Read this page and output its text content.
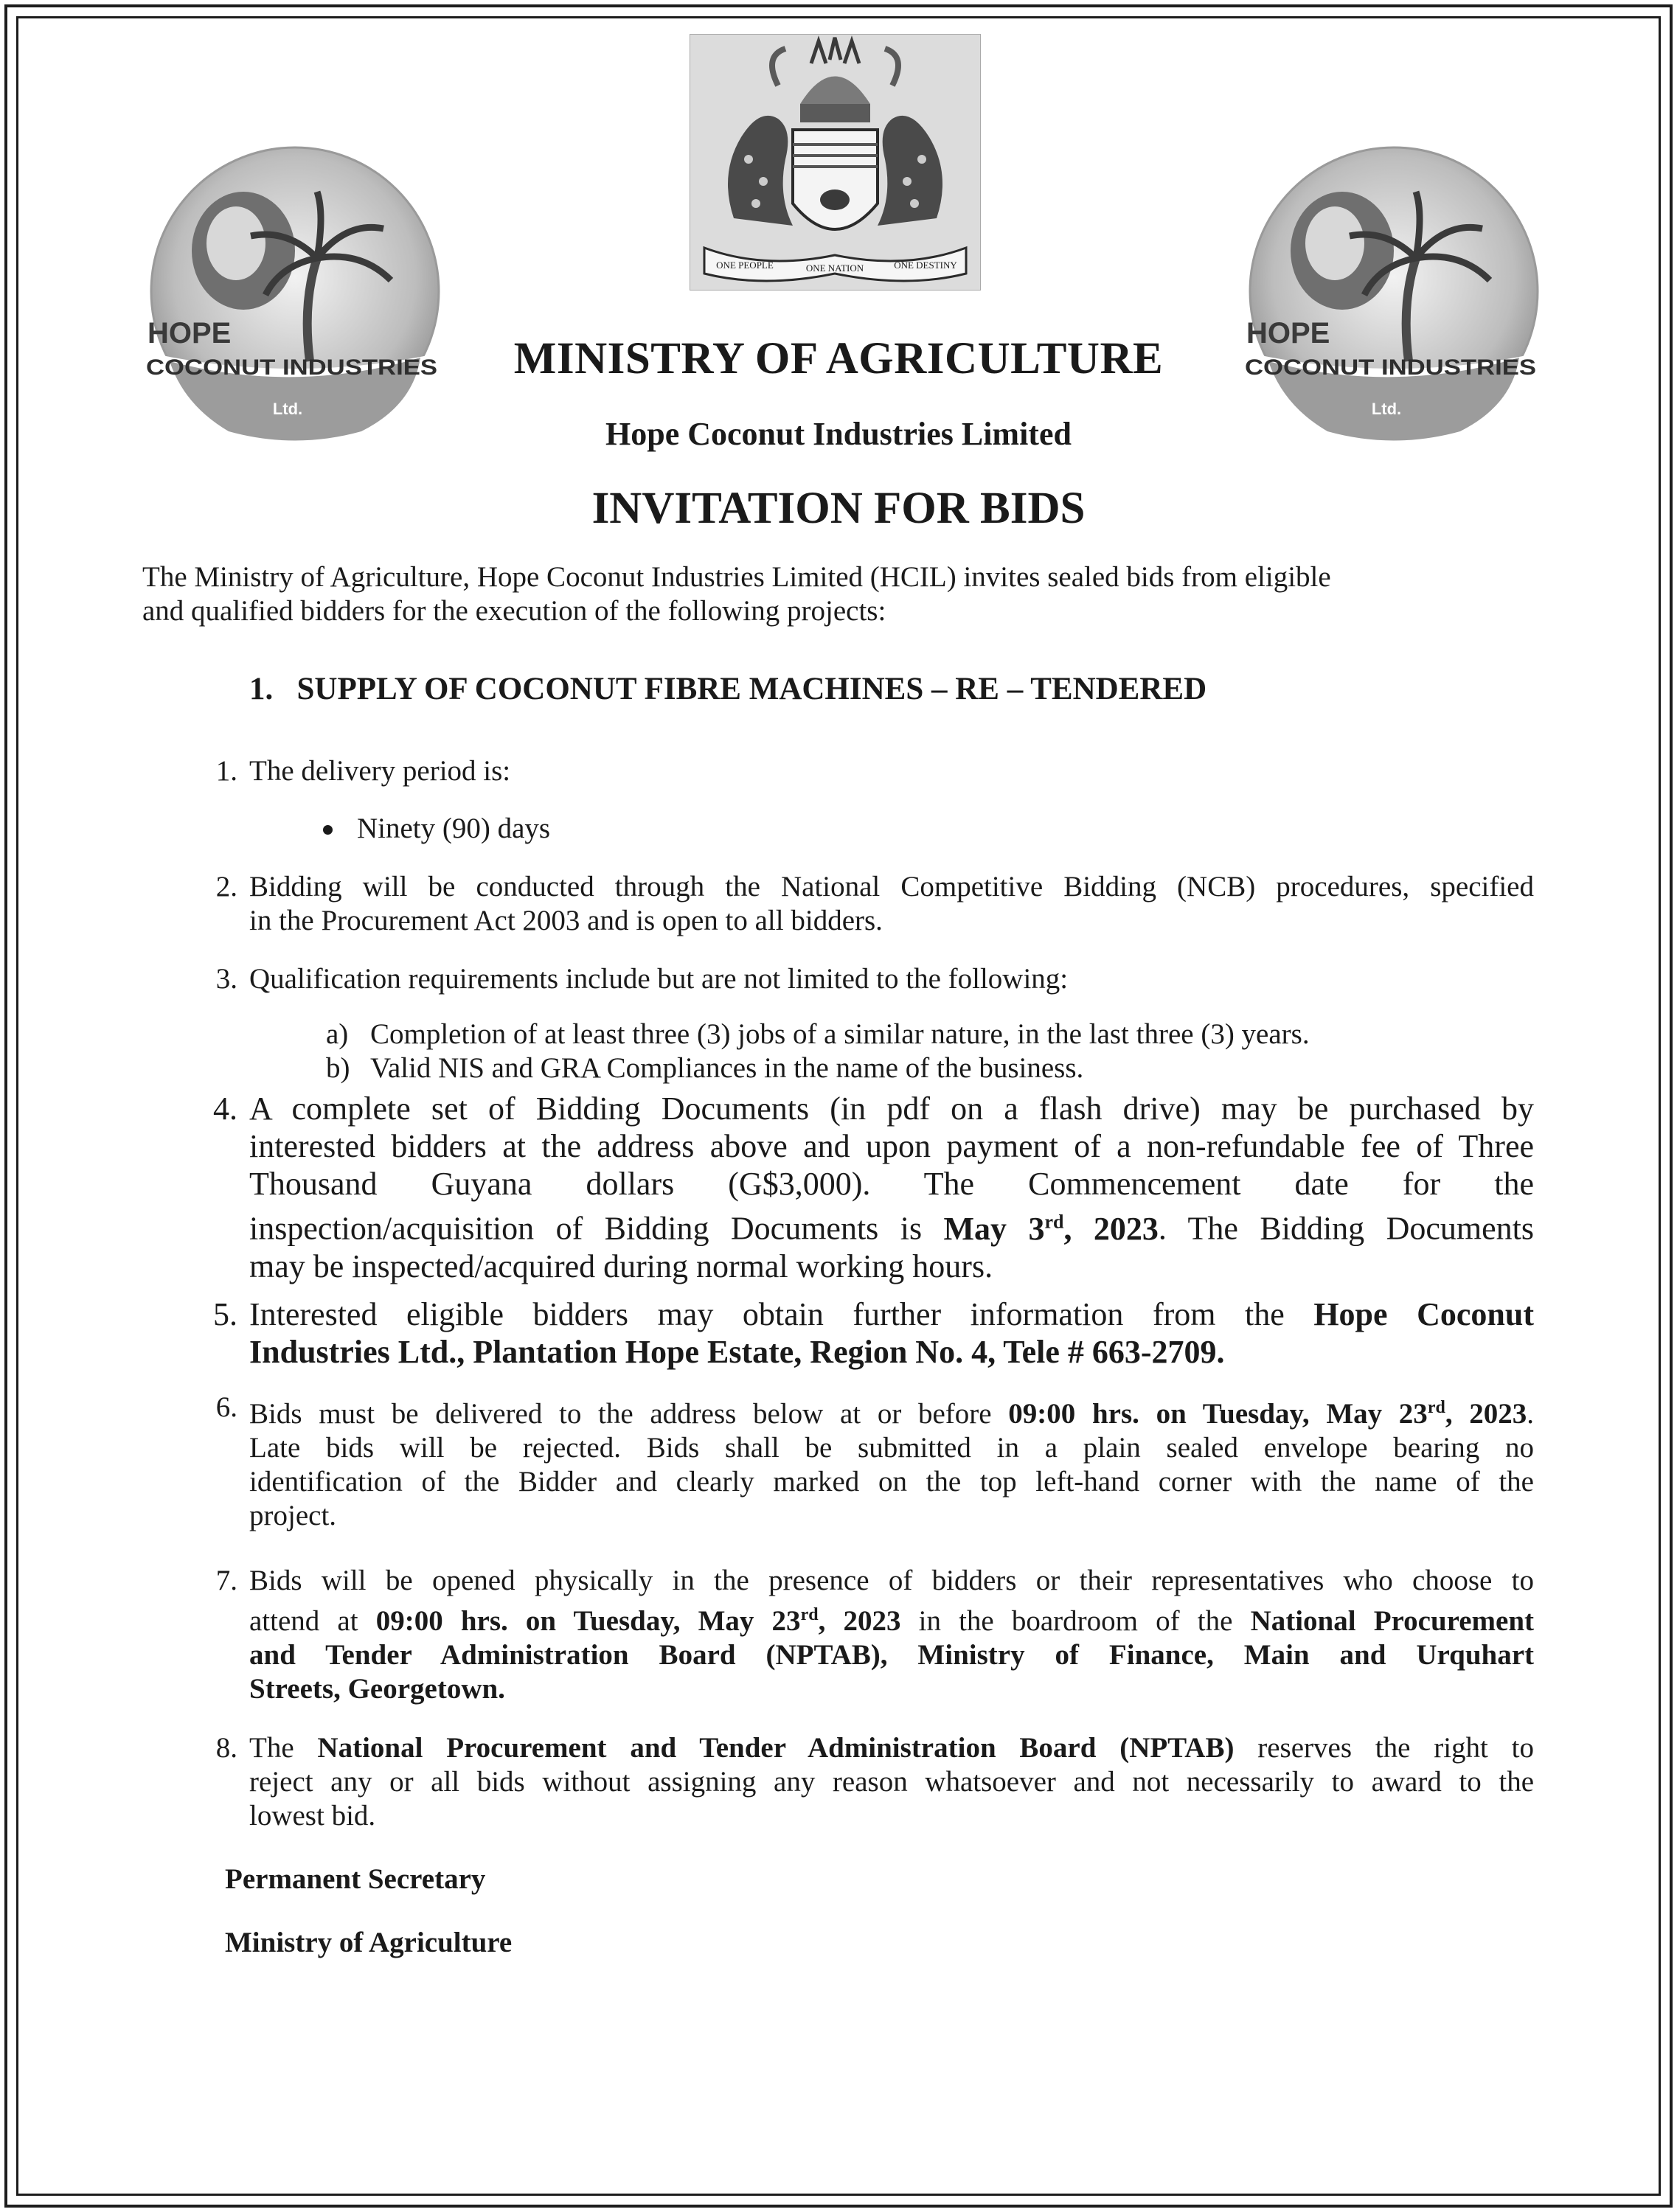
HOPE
COCONUT INDUSTRIES
Ltd.
HOPE
COCONUT INDUSTRIES
Ltd.
ONE PEOPLE	ONE NATION	ONE DESTINY
MINISTRY OF AGRICULTURE
Hope Coconut Industries Limited
INVITATION FOR BIDS
The Ministry of Agriculture, Hope Coconut Industries Limited (HCIL) invites sealed bids from eligible
and qualified bidders for the execution of the following projects:
1. SUPPLY OF COCONUT FIBRE MACHINES – RE – TENDERED
1. The delivery period is:
Ninety (90) days
2. Bidding will be conducted through the National Competitive Bidding (NCB) procedures, specified
in the Procurement Act 2003 and is open to all bidders.
3. Qualification requirements include but are not limited to the following:
a) Completion of at least three (3) jobs of a similar nature, in the last three (3) years.
b) Valid NIS and GRA Compliances in the name of the business.
4. A complete set of Bidding Documents (in pdf on a flash drive) may be purchased by
interested bidders at the address above and upon payment of a non-refundable fee of Three
Thousand Guyana dollars (G$3,000). The Commencement date for the
inspection/acquisition of Bidding Documents is May 3rd, 2023. The Bidding Documents
may be inspected/acquired during normal working hours.
5. Interested eligible bidders may obtain further information from the Hope Coconut
Industries Ltd., Plantation Hope Estate, Region No. 4, Tele # 663-2709.
6. Bids must be delivered to the address below at or before 09:00 hrs. on Tuesday, May 23rd, 2023.
Late bids will be rejected. Bids shall be submitted in a plain sealed envelope bearing no
identification of the Bidder and clearly marked on the top left-hand corner with the name of the
project.
7. Bids will be opened physically in the presence of bidders or their representatives who choose to
attend at 09:00 hrs. on Tuesday, May 23rd, 2023 in the boardroom of the National Procurement
and Tender Administration Board (NPTAB), Ministry of Finance, Main and Urquhart
Streets, Georgetown.
8. The National Procurement and Tender Administration Board (NPTAB) reserves the right to
reject any or all bids without assigning any reason whatsoever and not necessarily to award to the
lowest bid.
Permanent Secretary
Ministry of Agriculture
